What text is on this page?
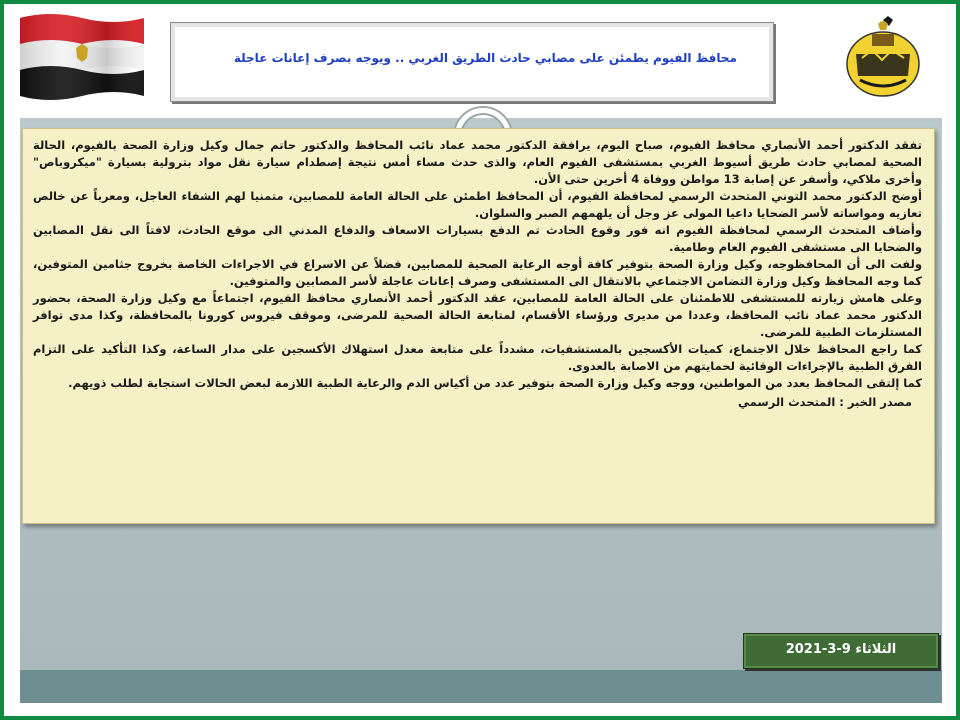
محافظ الفيوم يطمئن على مصابي حادث الطريق الغربي .. ويوجه بصرف إعانات عاجلة

تفقد الدكتور أحمد الأنصاري محافظ الفيوم، صباح اليوم، يرافقة الدكتور محمد عماد نائب المحافظ والدكتور حاتم جمال وكيل وزارة الصحة بالفيوم، الحالة الصحية لمصابي حادث طريق أسيوط الغربي بمستشفى الفيوم العام، والذى حدث مساء أمس نتيجة إصطدام سيارة نقل مواد بترولية بسيارة "ميكروباص" وأخرى ملاكي، وأسفر عن إصابة 13 مواطن ووفاة 4 أخرين حتى الأن.

أوضح الدكتور محمد التوني المتحدث الرسمي لمحافظة الفيوم، أن المحافظ اطمئن على الحالة العامة للمصابين، متمنيا لهم الشفاء العاجل، ومعرباً عن خالص تعازيه ومواساته لأسر الضحايا داعيا المولى عز وجل أن يلهمهم الصبر والسلوان.

وأضاف المتحدث الرسمي لمحافظة الفيوم انه فور وقوع الحادث تم الدفع بسيارات الاسعاف والدفاع المدني الى موقع الحادث، لافتاً الى نقل المصابين والضحايا الى مستشفى الفيوم العام وطامية.

ولفت الى أن المحافظوجه، وكيل وزارة الصحة بتوفير كافة أوجه الرعاية الصحية للمصابين، فضلاً عن الاسراع في الاجراءات الخاصة بخروج جثامين المتوفين، كما وجه المحافظ وكيل وزارة التضامن الاجتماعي بالانتقال الى المستشفى وصرف إعانات عاجلة لأسر المصابين والمتوفين.

وعلى هامش زيارته للمستشفى للاطمئنان على الحالة العامة للمصابين، عقد الدكتور أحمد الأنصاري محافظ الفيوم، اجتماعاً مع وكيل وزارة الصحة، بحضور الدكتور محمد عماد نائب المحافظ، وعددا من مديرى ورؤساء الأقسام، لمتابعة الحالة الصحية للمرضى، وموقف فيروس كورونا بالمحافظة، وكذا مدى توافر المستلزمات الطبية للمرضى.

كما راجع المحافظ خلال الاجتماع، كميات الأكسجين بالمستشفيات، مشدداً على متابعة معدل استهلاك الأكسجين على مدار الساعة، وكذا التأكيد على التزام الفرق الطبية بالإجراءات الوقائية لحمايتهم من الاصابة بالعدوى.

كما إلتقى المحافظ بعدد من المواطنين، ووجه وكيل وزارة الصحة بتوفير عدد من أكياس الدم والرعاية الطبية اللازمة لبعض الحالات استجابة لطلب ذويهم.

مصدر الخبر : المتحدث الرسمي

الثلاثاء 9-3-2021
